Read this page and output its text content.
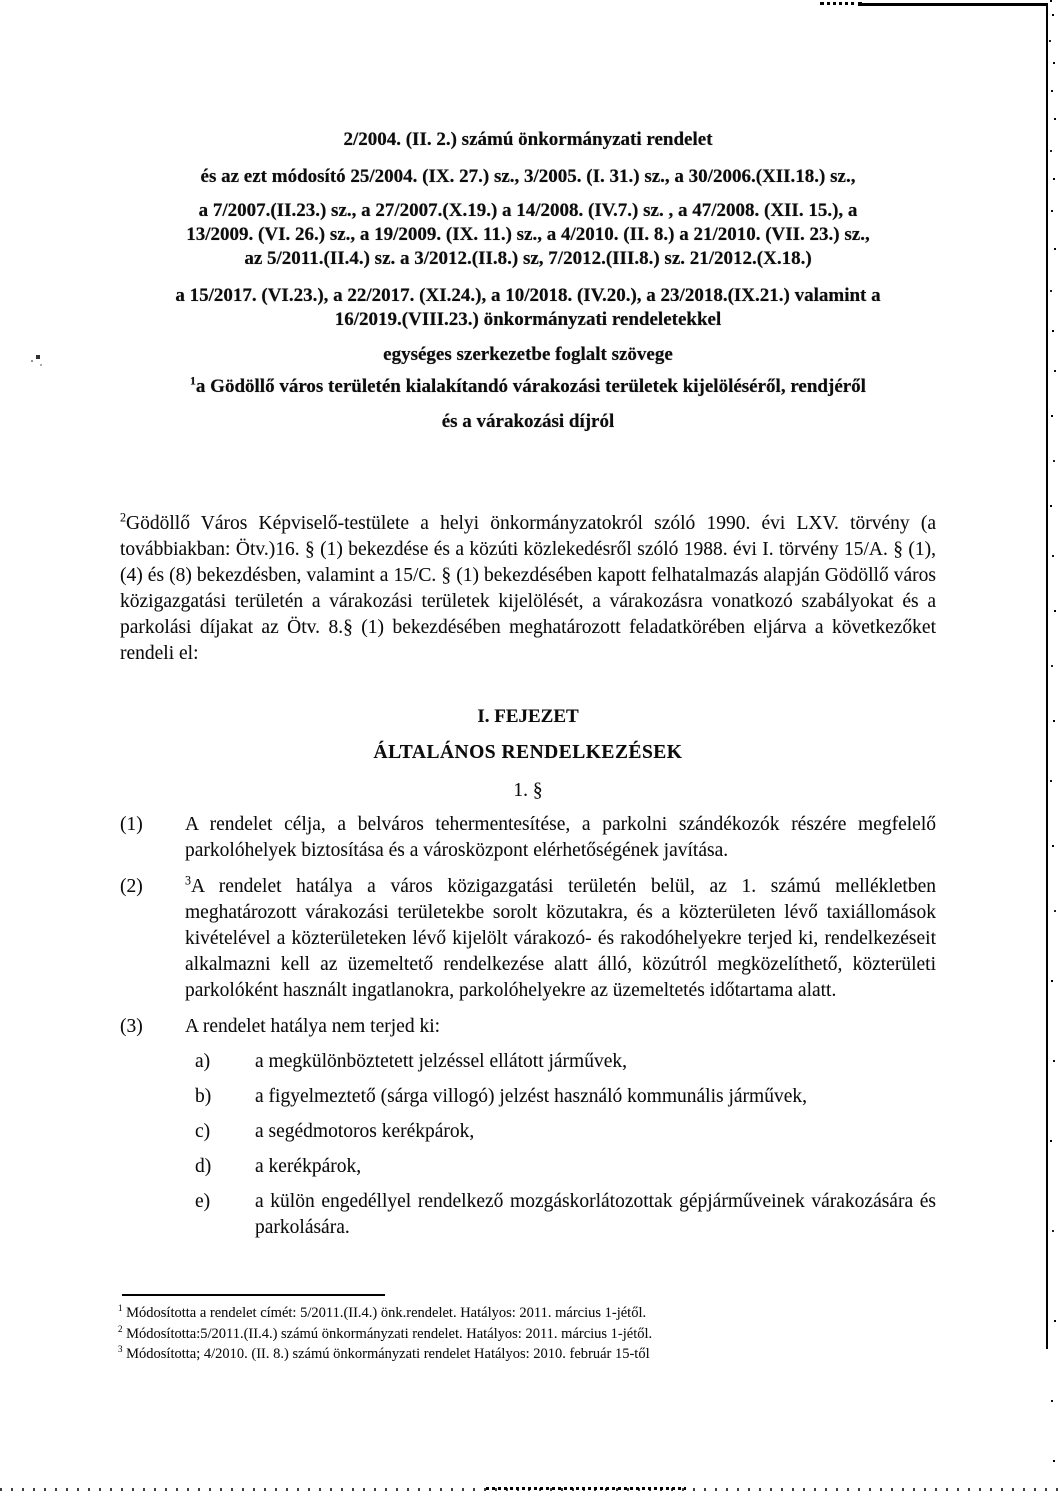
2/2004. (II. 2.) számú önkormányzati rendelet
és az ezt módosító 25/2004. (IX. 27.) sz., 3/2005. (I. 31.) sz., a 30/2006.(XII.18.) sz.,
a 7/2007.(II.23.) sz., a 27/2007.(X.19.) a 14/2008. (IV.7.) sz. , a 47/2008. (XII. 15.), a
13/2009. (VI. 26.) sz., a 19/2009. (IX. 11.) sz., a 4/2010. (II. 8.) a 21/2010. (VII. 23.) sz.,
az 5/2011.(II.4.) sz. a 3/2012.(II.8.) sz, 7/2012.(III.8.) sz. 21/2012.(X.18.)
a 15/2017. (VI.23.), a 22/2017. (XI.24.), a 10/2018. (IV.20.), a 23/2018.(IX.21.) valamint a
16/2019.(VIII.23.) önkormányzati rendeletekkel
egységes szerkezetbe foglalt szövege
$^1$a Gödöllő város területén kialakítandó várakozási területek kijelöléséről, rendjéről
és a várakozási díjról

$^2$Gödöllő Város Képviselő-testülete a helyi önkormányzatokról szóló 1990. évi LXV. törvény (a továbbiakban: Ötv.)16. § (1) bekezdése és a közúti közlekedésről szóló 1988. évi I. törvény 15/A. § (1), (4) és (8) bekezdésben, valamint a 15/C. § (1) bekezdésében kapott felhatalmazás alapján Gödöllő város közigazgatási területén a várakozási területek kijelölését, a várakozásra vonatkozó szabályokat és a parkolási díjakat az Ötv. 8.§ (1) bekezdésében meghatározott feladatkörében eljárva a következőket rendeli el:

I. FEJEZET
ÁLTALÁNOS RENDELKEZÉSEK
1. §
(1)	A rendelet célja, a belváros tehermentesítése, a parkolni szándékozók részére megfelelő parkolóhelyek biztosítása és a városközpont elérhetőségének javítása.
(2)	$^3$A rendelet hatálya a város közigazgatási területén belül, az 1. számú mellékletben meghatározott várakozási területekbe sorolt közutakra, és a közterületen lévő taxiállomások kivételével a közterületeken lévő kijelölt várakozó- és rakodóhelyekre terjed ki, rendelkezéseit alkalmazni kell az üzemeltető rendelkezése alatt álló, közútról megközelíthető, közterületi parkolóként használt ingatlanokra, parkolóhelyekre az üzemeltetés időtartama alatt.
(3)	A rendelet hatálya nem terjed ki:
a)	a megkülönböztetett jelzéssel ellátott járművek,
b)	a figyelmeztető (sárga villogó) jelzést használó kommunális járművek,
c)	a segédmotoros kerékpárok,
d)	a kerékpárok,
e)	a külön engedéllyel rendelkező mozgáskorlátozottak gépjárműveinek várakozására és parkolására.
$^1$ Módosította a rendelet címét: 5/2011.(II.4.) önk.rendelet. Hatályos: 2011. március 1-jétől.
$^2$ Módosította:5/2011.(II.4.) számú önkormányzati rendelet. Hatályos: 2011. március 1-jétől.
$^3$ Módosította; 4/2010. (II. 8.) számú önkormányzati rendelet Hatályos: 2010. február 15-től
